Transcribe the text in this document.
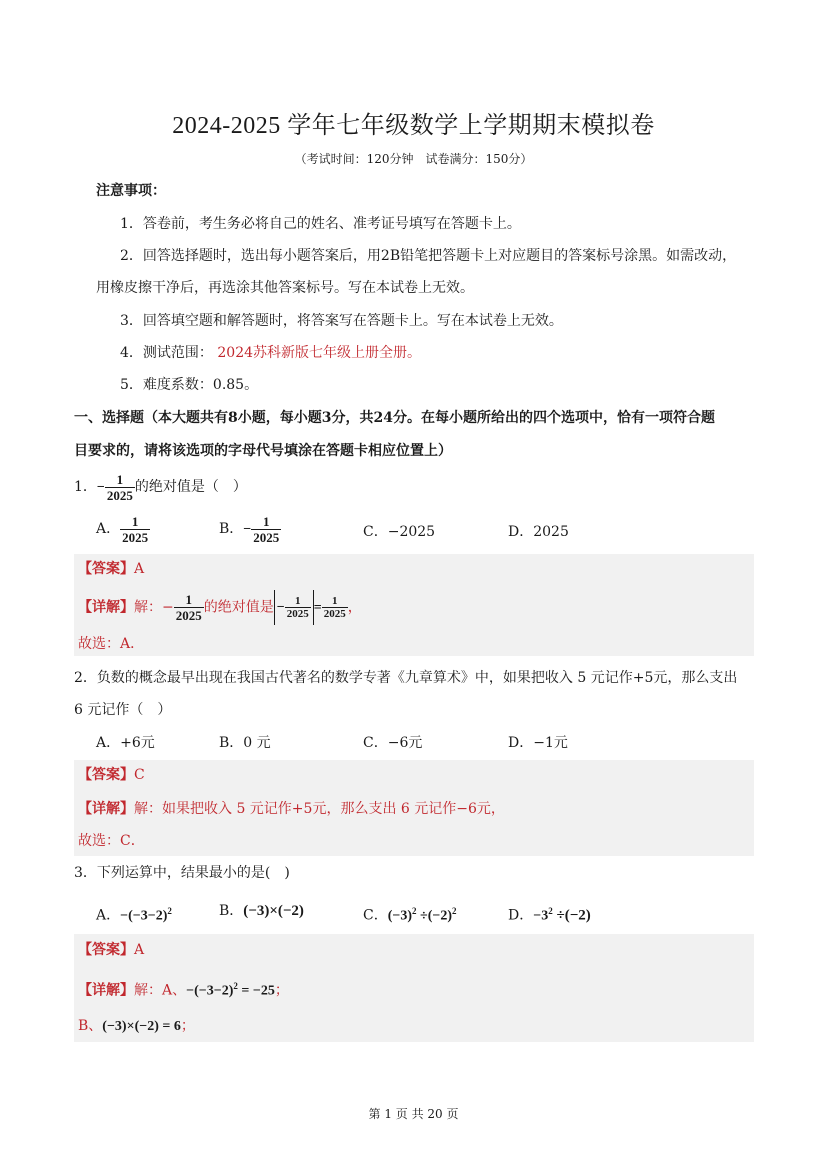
2024-2025 学年七年级数学上学期期末模拟卷
（考试时间：120分钟　试卷满分：150分）
注意事项：
1．答卷前，考生务必将自己的姓名、准考证号填写在答题卡上。
2．回答选择题时，选出每小题答案后，用2B铅笔把答题卡上对应题目的答案标号涂黑。如需改动，
用橡皮擦干净后，再选涂其他答案标号。写在本试卷上无效。
3．回答填空题和解答题时，将答案写在答题卡上。写在本试卷上无效。
4．测试范围： 2024苏科新版七年级上册全册。
5．难度系数：0.85。
一、选择题（本大题共有8小题，每小题3分，共24分。在每小题所给出的四个选项中，恰有一项符合题
目要求的，请将该选项的字母代号填涂在答题卡相应位置上）
1．− $\frac{1}{2025}$ 的绝对值是（　）
A． $\frac{1}{2025}$	B．− $\frac{1}{2025}$	C．−2025	D．2025
【答案】A
【详解】解：− $\frac{1}{2025}$ 的绝对值是 − $\frac{1}{2025} = \frac{1}{2025}$ ，
故选：A．
2．负数的概念最早出现在我国古代著名的数学专著《九章算术》中，如果把收入 5 元记作+5元，那么支出
6 元记作（　）
A．+6元	B．0 元	C．−6元	D．−1元
【答案】C
【详解】解：如果把收入 5 元记作+5元，那么支出 6 元记作−6元，
故选：C．
3．下列运算中，结果最小的是(　)
A．$-(-3-2)^2$	B．(−3)×(−2)	C．$(-3)^2 \div(-2)^2$	D．$-3^2 \div(-2)$
【答案】A
【详解】解：A、$-(-3-2)^2 = -25$；
B、(−3)×(−2) = 6；
第 1 页 共 20 页
